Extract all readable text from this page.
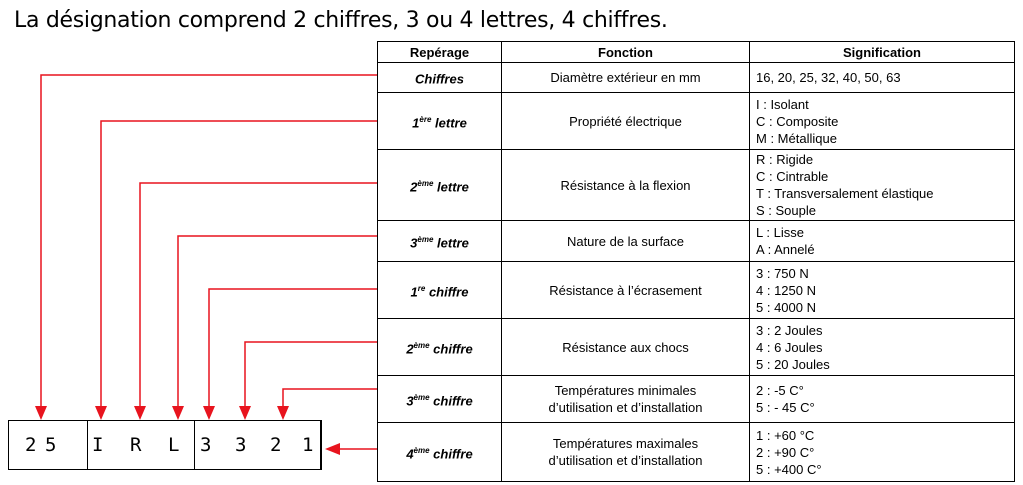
La désignation comprend 2 chiffres, 3 ou 4 lettres, 4 chiffres.
Repérage	Fonction	Signification
Chiffres	Diamètre extérieur en mm	16, 20, 25, 32, 40, 50, 63

1ère lettre	Propriété électrique	I : Isolant
C : Composite
M : Métallique

2ème lettre	Résistance à la flexion	R : Rigide
C : Cintrable
T : Transversalement élastique
S : Souple

3ème lettre	Nature de la surface	L : Lisse
A : Annelé

1re chiffre	Résistance à l’écrasement	3 : 750 N
4 : 1250 N
5 : 4000 N

2ème chiffre	Résistance aux chocs	3 : 2 Joules
4 : 6 Joules
5 : 20 Joules

3ème chiffre	Températures minimales
d’utilisation et d’installation	2 : -5 C°
5 : - 45 C°

4ème chiffre	Températures maximales
d’utilisation et d’installation	1 : +60 °C
2 : +90 C°
5 : +400 C°
2 5 I R L 3 3 2 1
